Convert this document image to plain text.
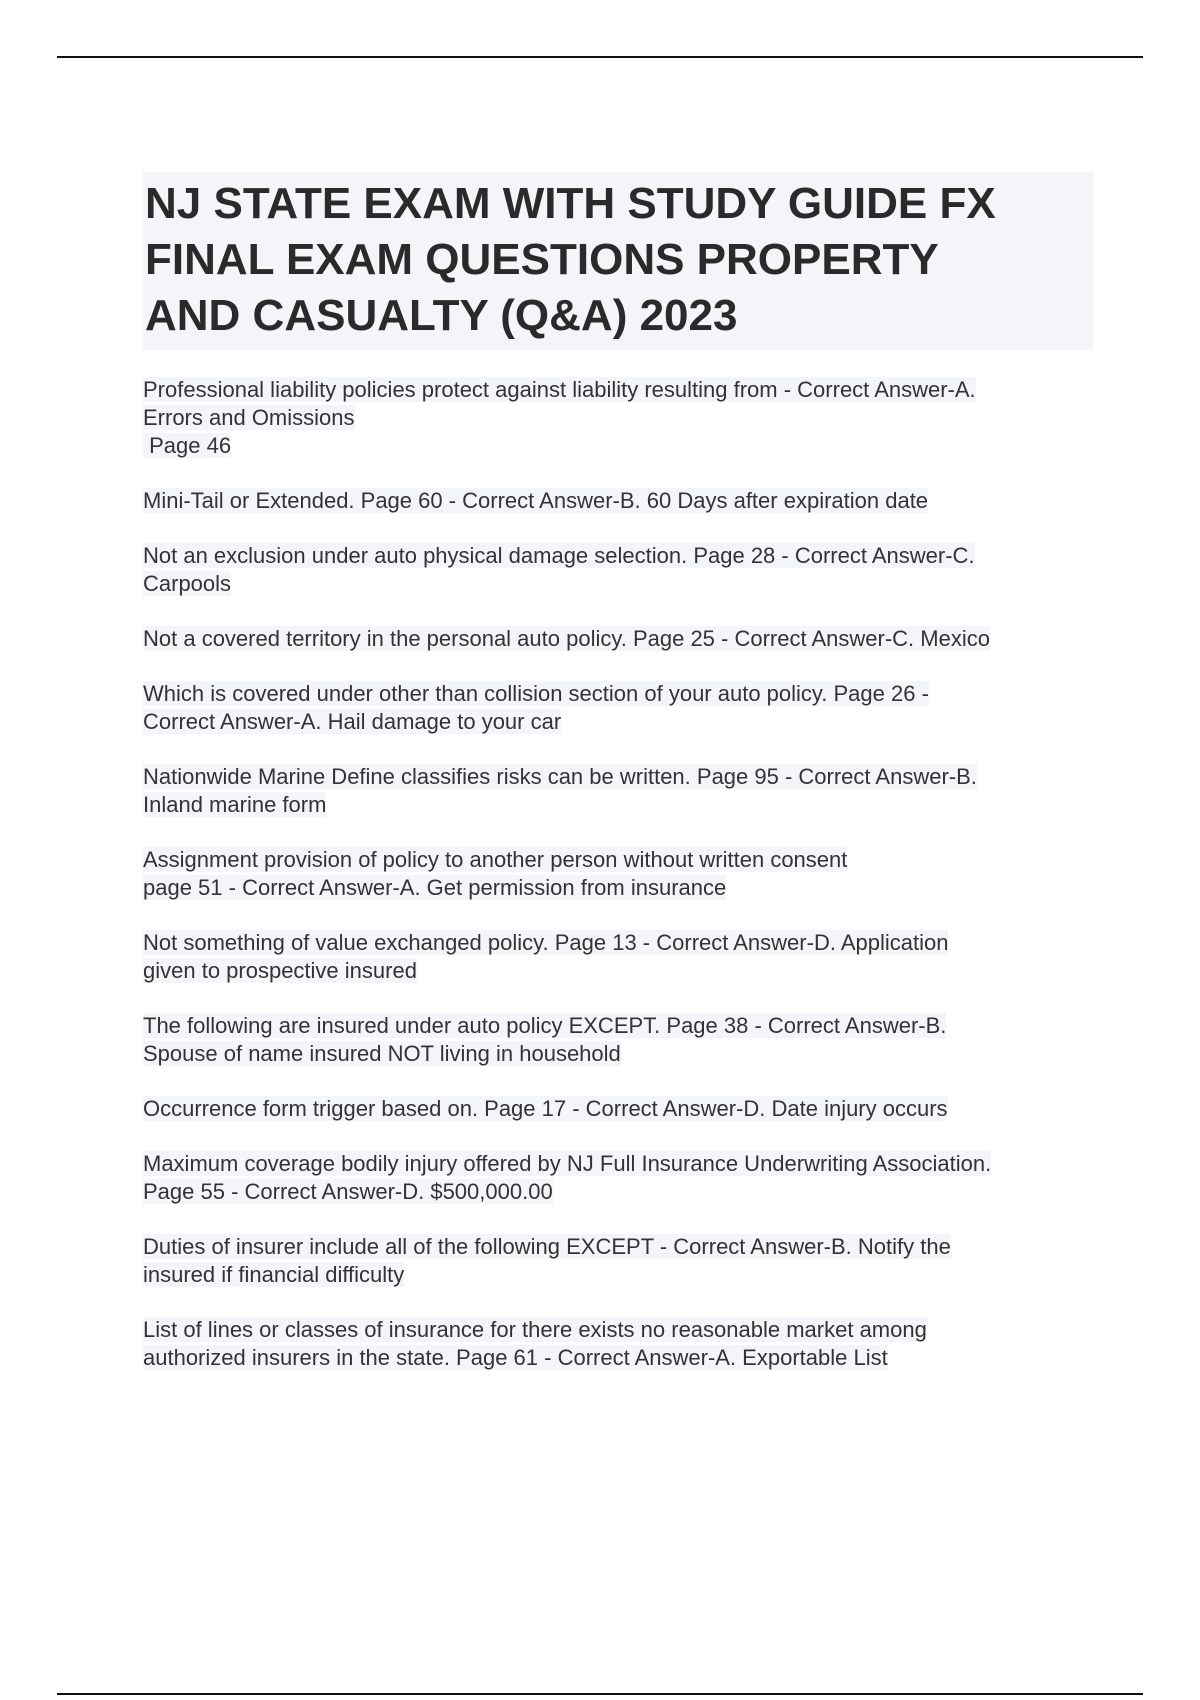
NJ STATE EXAM WITH STUDY GUIDE FX
FINAL EXAM QUESTIONS PROPERTY
AND CASUALTY (Q&A) 2023
Professional liability policies protect against liability resulting from - Correct Answer-A.
Errors and Omissions
Page 46
Mini-Tail or Extended. Page 60 - Correct Answer-B. 60 Days after expiration date
Not an exclusion under auto physical damage selection. Page 28 - Correct Answer-C.
Carpools
Not a covered territory in the personal auto policy. Page 25 - Correct Answer-C. Mexico
Which is covered under other than collision section of your auto policy. Page 26 -
Correct Answer-A. Hail damage to your car
Nationwide Marine Define classifies risks can be written. Page 95 - Correct Answer-B.
Inland marine form
Assignment provision of policy to another person without written consent
page 51 - Correct Answer-A. Get permission from insurance
Not something of value exchanged policy. Page 13 - Correct Answer-D. Application
given to prospective insured
The following are insured under auto policy EXCEPT. Page 38 - Correct Answer-B.
Spouse of name insured NOT living in household
Occurrence form trigger based on. Page 17 - Correct Answer-D. Date injury occurs
Maximum coverage bodily injury offered by NJ Full Insurance Underwriting Association.
Page 55 - Correct Answer-D. $500,000.00
Duties of insurer include all of the following EXCEPT - Correct Answer-B. Notify the
insured if financial difficulty
List of lines or classes of insurance for there exists no reasonable market among
authorized insurers in the state. Page 61 - Correct Answer-A. Exportable List
